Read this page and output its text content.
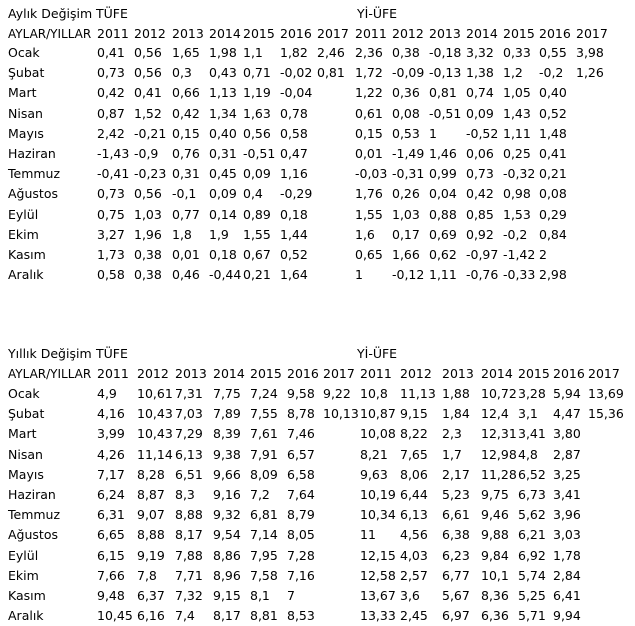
Aylık Değişim TÜFE	Yİ-ÜFE
AYLAR/YILLAR 2011 2012 2013 2014 2015 2016 2017 2011 2012 2013 2014 2015 2016 2017
Ocak	0,41 0,56 1,65 1,98 1,1 1,82 2,46 2,36 0,38 -0,18 3,32 0,33 0,55 3,98
Şubat	0,73 0,56 0,3 0,43 0,71 -0,02 0,81 1,72 -0,09 -0,13 1,38 1,2 -0,2 1,26
Mart	0,42 0,41 0,66 1,13 1,19 -0,04	1,22 0,36 0,81 0,74 1,05 0,40
Nisan	0,87 1,52 0,42 1,34 1,63 0,78	0,61 0,08 -0,51 0,09 1,43 0,52
Mayıs	2,42 -0,21 0,15 0,40 0,56 0,58	0,15 0,53 1 -0,52 1,11 1,48
Haziran	-1,43 -0,9 0,76 0,31 -0,51 0,47	0,01 -1,49 1,46 0,06 0,25 0,41
Temmuz	-0,41 -0,23 0,31 0,45 0,09 1,16	-0,03 -0,31 0,99 0,73 -0,32 0,21
Ağustos	0,73 0,56 -0,1 0,09 0,4 -0,29	1,76 0,26 0,04 0,42 0,98 0,08
Eylül	0,75 1,03 0,77 0,14 0,89 0,18	1,55 1,03 0,88 0,85 1,53 0,29
Ekim	3,27 1,96 1,8 1,9 1,55 1,44	1,6 0,17 0,69 0,92 -0,2 0,84
Kasım	1,73 0,38 0,01 0,18 0,67 0,52	0,65 1,66 0,62 -0,97 -1,42 2
Aralık	0,58 0,38 0,46 -0,44 0,21 1,64	1 -0,12 1,11 -0,76 -0,33 2,98
Yıllık Değişim TÜFE	Yİ-ÜFE
AYLAR/YILLAR 2011 2012 2013 2014 2015 2016 2017 2011 2012 2013 2014 2015 2016 2017
Ocak	4,9 10,61 7,31 7,75 7,24 9,58 9,22 10,8 11,13 1,88 10,72 3,28 5,94 13,69
Şubat	4,16 10,43 7,03 7,89 7,55 8,78 10,13 10,87 9,15 1,84 12,4 3,1 4,47 15,36
Mart	3,99 10,43 7,29 8,39 7,61 7,46	10,08 8,22 2,3 12,31 3,41 3,80
Nisan	4,26 11,14 6,13 9,38 7,91 6,57	8,21 7,65 1,7 12,98 4,8 2,87
Mayıs	7,17 8,28 6,51 9,66 8,09 6,58	9,63 8,06 2,17 11,28 6,52 3,25
Haziran	6,24 8,87 8,3 9,16 7,2 7,64	10,19 6,44 5,23 9,75 6,73 3,41
Temmuz	6,31 9,07 8,88 9,32 6,81 8,79	10,34 6,13 6,61 9,46 5,62 3,96
Ağustos	6,65 8,88 8,17 9,54 7,14 8,05	11 4,56 6,38 9,88 6,21 3,03
Eylül	6,15 9,19 7,88 8,86 7,95 7,28	12,15 4,03 6,23 9,84 6,92 1,78
Ekim	7,66 7,8 7,71 8,96 7,58 7,16	12,58 2,57 6,77 10,1 5,74 2,84
Kasım	9,48 6,37 7,32 9,15 8,1 7	13,67 3,6 5,67 8,36 5,25 6,41
Aralık	10,45 6,16 7,4 8,17 8,81 8,53	13,33 2,45 6,97 6,36 5,71 9,94
